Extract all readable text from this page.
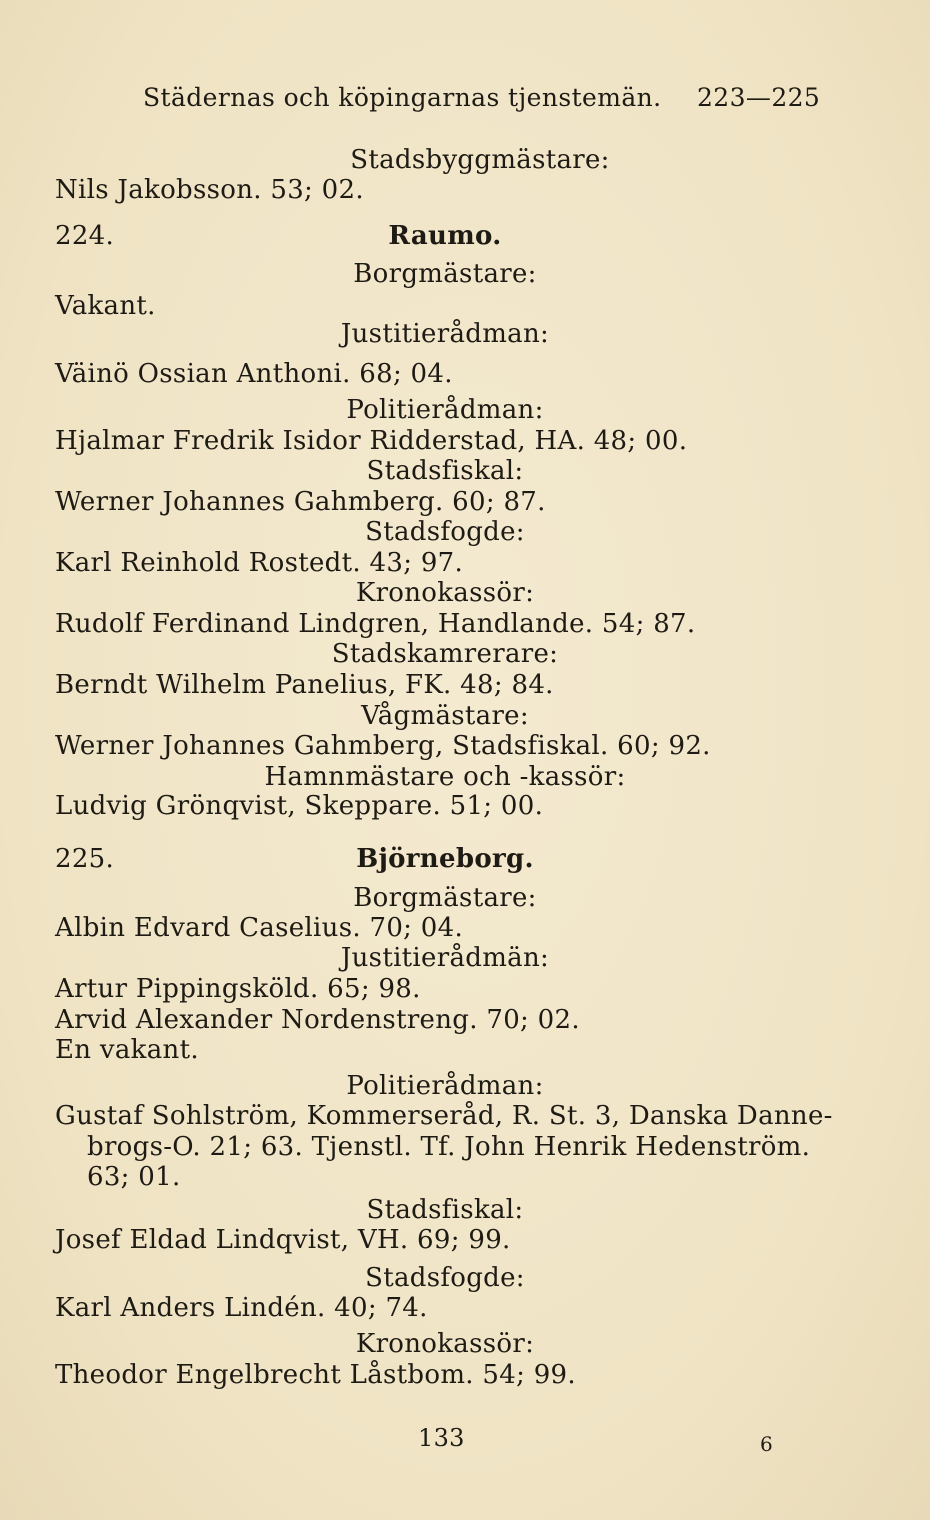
Städernas och köpingarnas tjenstemän. 223—225
Stadsbyggmästare:
Nils Jakobsson. 53; 02.
224.	Raumo.
Borgmästare:
Vakant.
Justitierådman:
Väinö Ossian Anthoni. 68; 04.
Politierådman:
Hjalmar Fredrik Isidor Ridderstad, HA. 48; 00.
Stadsfiskal:
Werner Johannes Gahmberg. 60; 87.
Stadsfogde:
Karl Reinhold Rostedt. 43; 97.
Kronokassör:
Rudolf Ferdinand Lindgren, Handlande. 54; 87.
Stadskamrerare:
Berndt Wilhelm Panelius, FK. 48; 84.
Vågmästare:
Werner Johannes Gahmberg, Stadsfiskal. 60; 92.
Hamnmästare och -kassör:
Ludvig Grönqvist, Skeppare. 51; 00.
225.	Björneborg.
Borgmästare:
Albin Edvard Caselius. 70; 04.
Justitierådmän:
Artur Pippingsköld. 65; 98.
Arvid Alexander Nordenstreng. 70; 02.
En vakant.
Politierådman:
Gustaf Sohlström, Kommerseråd, R. St. 3, Danska Danne-
brogs-O. 21; 63. Tjenstl. Tf. John Henrik Hedenström.
63; 01.
Stadsfiskal:
Josef Eldad Lindqvist, VH. 69; 99.
Stadsfogde:
Karl Anders Lindén. 40; 74.
Kronokassör:
Theodor Engelbrecht Låstbom. 54; 99.
133	6
